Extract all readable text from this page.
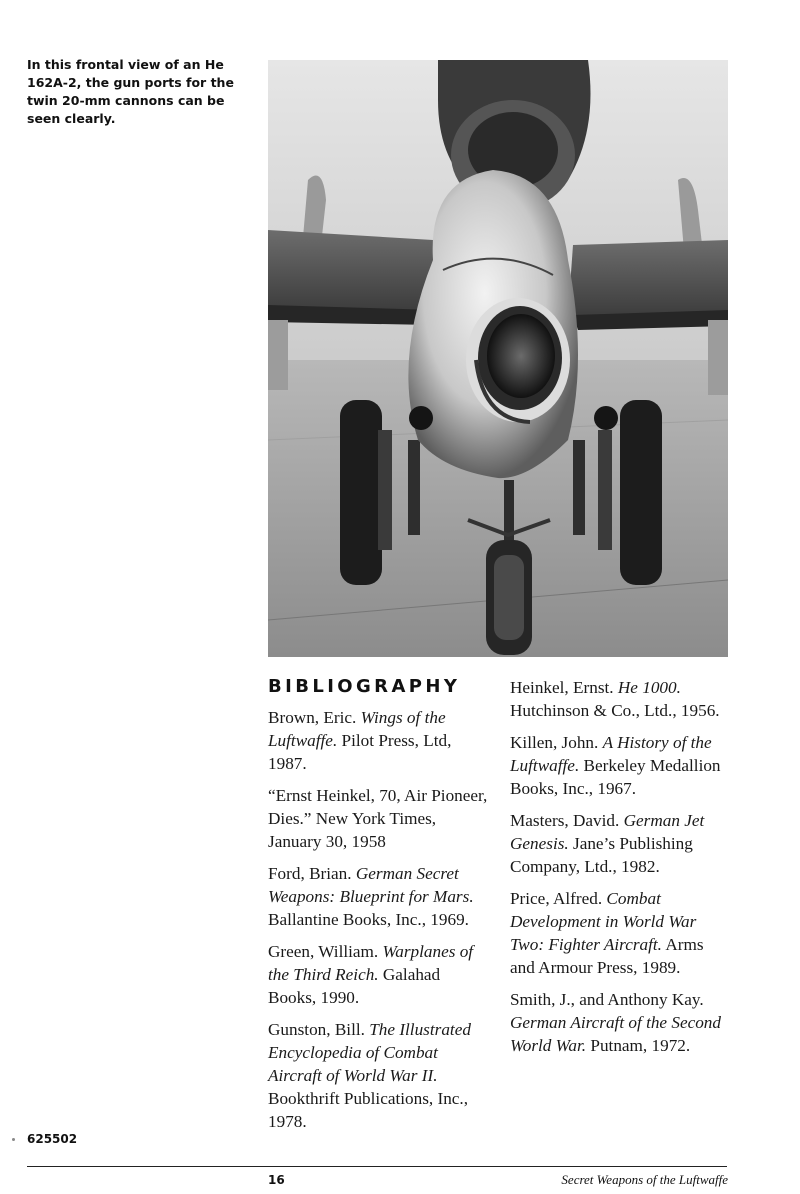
In this frontal view of an He 162A-2, the gun ports for the twin 20-mm cannons can be seen clearly.
BIBLIOGRAPHY

Brown, Eric. Wings of the Luftwaffe. Pilot Press, Ltd, 1987.

“Ernst Heinkel, 70, Air Pioneer, Dies.” New York Times, January 30, 1958

Ford, Brian. German Secret Weapons: Blueprint for Mars. Ballantine Books, Inc., 1969.

Green, William. Warplanes of the Third Reich. Galahad Books, 1990.

Gunston, Bill. The Illustrated Encyclopedia of Combat Aircraft of World War II. Bookthrift Publications, Inc., 1978.

Heinkel, Ernst. He 1000. Hutchinson & Co., Ltd., 1956.

Killen, John. A History of the Luftwaffe. Berkeley Medallion Books, Inc., 1967.

Masters, David. German Jet Genesis. Jane’s Publishing Company, Ltd., 1982.

Price, Alfred. Combat Development in World War Two: Fighter Aircraft. Arms and Armour Press, 1989.

Smith, J., and Anthony Kay. German Aircraft of the Second World War. Putnam, 1972.

625502
16	Secret Weapons of the Luftwaffe
